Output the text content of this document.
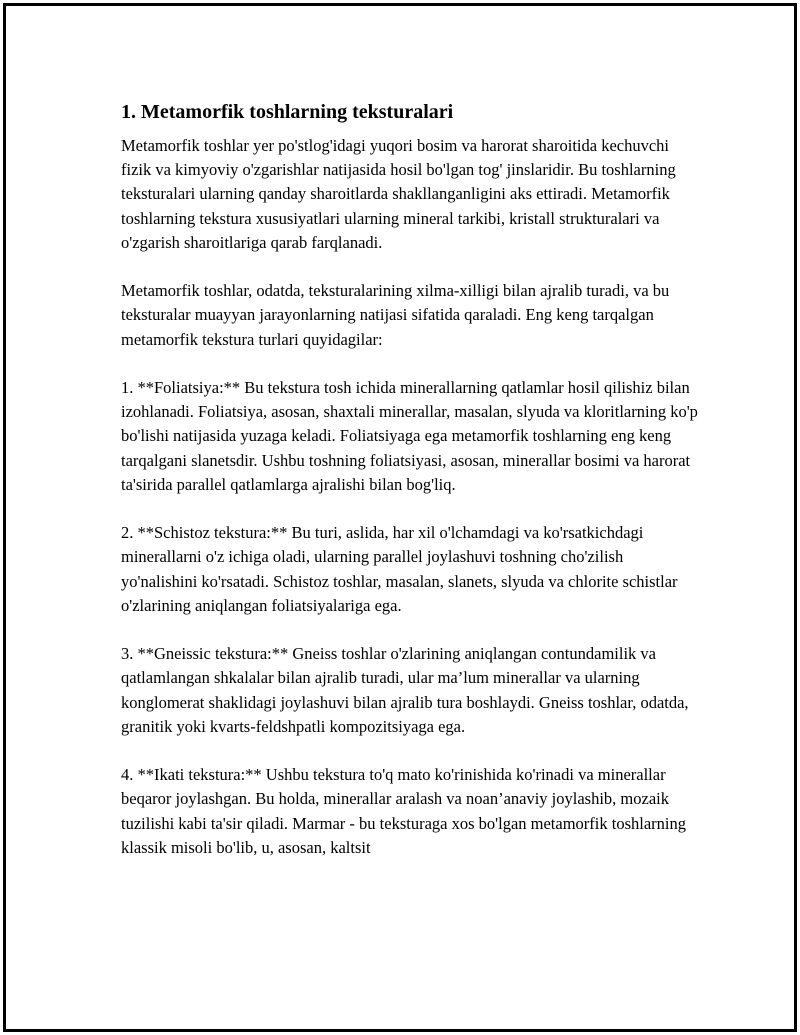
1. Metamorfik toshlarning teksturalari

Metamorfik toshlar yer po'stlog'idagi yuqori bosim va harorat sharoitida kechuvchi fizik va kimyoviy o'zgarishlar natijasida hosil bo'lgan tog' jinslaridir. Bu toshlarning teksturalari ularning qanday sharoitlarda shakllanganligini aks ettiradi. Metamorfik toshlarning tekstura xususiyatlari ularning mineral tarkibi, kristall strukturalari va o'zgarish sharoitlariga qarab farqlanadi.

Metamorfik toshlar, odatda, teksturalarining xilma-xilligi bilan ajralib turadi, va bu teksturalar muayyan jarayonlarning natijasi sifatida qaraladi. Eng keng tarqalgan metamorfik tekstura turlari quyidagilar:

1. **Foliatsiya:** Bu tekstura tosh ichida minerallarning qatlamlar hosil qilishiz bilan izohlanadi. Foliatsiya, asosan, shaxtali minerallar, masalan, slyuda va kloritlarning ko'p bo'lishi natijasida yuzaga keladi. Foliatsiyaga ega metamorfik toshlarning eng keng tarqalgani slanetsdir. Ushbu toshning foliatsiyasi, asosan, minerallar bosimi va harorat ta'sirida parallel qatlamlarga ajralishi bilan bog'liq.

2. **Schistoz tekstura:** Bu turi, aslida, har xil o'lchamdagi va ko'rsatkichdagi minerallarni o'z ichiga oladi, ularning parallel joylashuvi toshning cho'zilish yo'nalishini ko'rsatadi. Schistoz toshlar, masalan, slanets, slyuda va chlorite schistlar o'zlarining aniqlangan foliatsiyalariga ega.

3. **Gneissic tekstura:** Gneiss toshlar o'zlarining aniqlangan contundamilik va qatlamlangan shkalalar bilan ajralib turadi, ular ma’lum minerallar va ularning konglomerat shaklidagi joylashuvi bilan ajralib tura boshlaydi. Gneiss toshlar, odatda, granitik yoki kvarts-feldshpatli kompozitsiyaga ega.

4. **Ikati tekstura:** Ushbu tekstura to'q mato ko'rinishida ko'rinadi va minerallar beqaror joylashgan. Bu holda, minerallar aralash va noan’anaviy joylashib, mozaik tuzilishi kabi ta'sir qiladi. Marmar - bu teksturaga xos bo'lgan metamorfik toshlarning klassik misoli bo'lib, u, asosan, kaltsit
